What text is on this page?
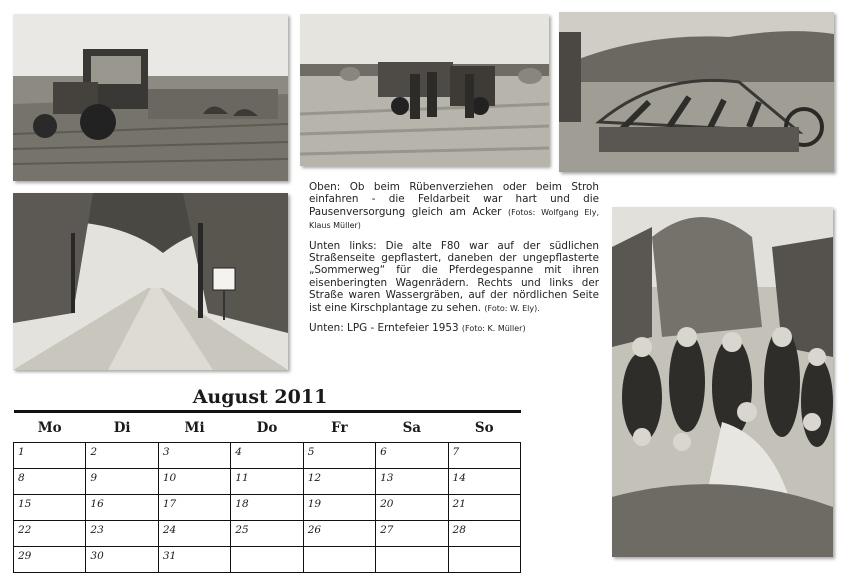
Oben: Ob beim Rübenverziehen oder beim Stroh einfahren - die Feldarbeit war hart und die Pausenversorgung gleich am Acker (Fotos: Wolfgang Ely, Klaus Müller)

Unten links: Die alte F80 war auf der südlichen Straßenseite gepflastert, daneben der ungepflasterte „Sommerweg“ für die Pferdegespanne mit ihren eisenberingten Wagenrädern. Rechts und links der Straße waren Wassergräben, auf der nördlichen Seite ist eine Kirschplantage zu sehen. (Foto: W. Ely).

Unten: LPG - Erntefeier 1953 (Foto: K. Müller)

August 2011
Mo	Di	Mi	Do	Fr	Sa	So
1	2	3	4	5	6	7
8	9	10	11	12	13	14
15	16	17	18	19	20	21
22	23	24	25	26	27	28
29	30	31				
